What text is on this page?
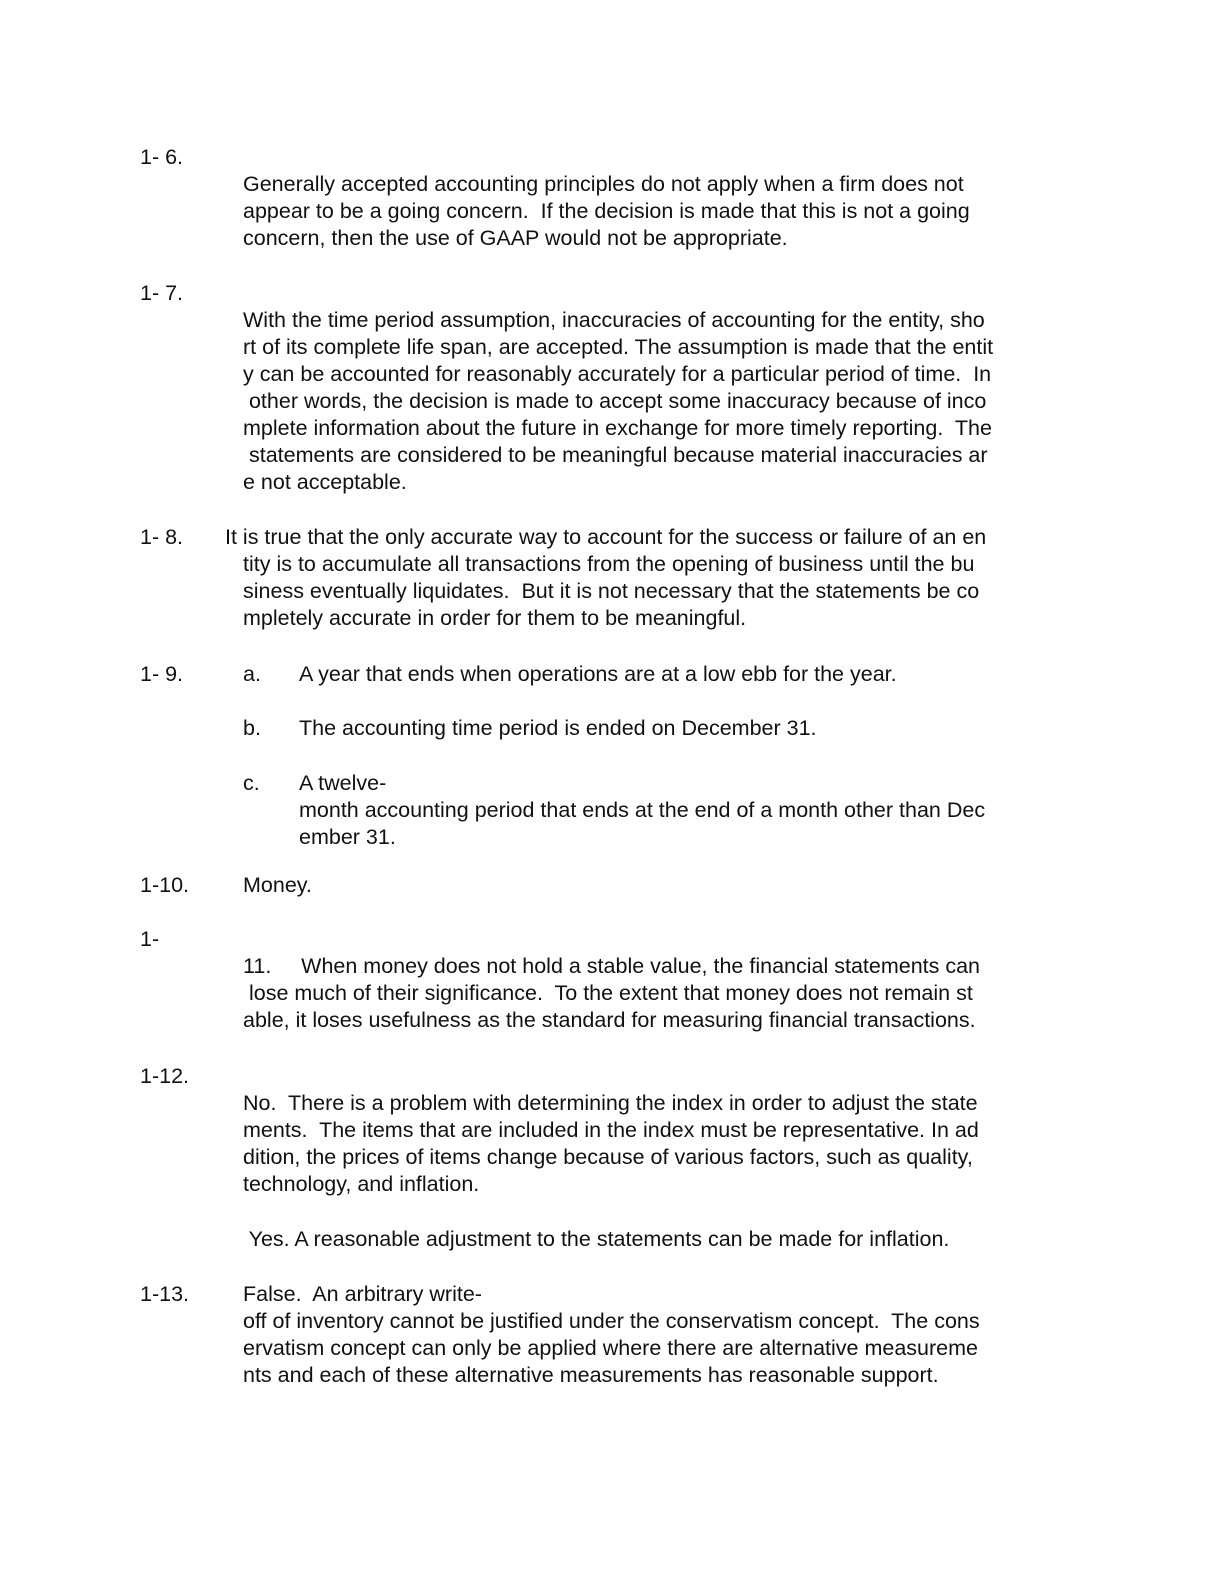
1- 6.
Generally accepted accounting principles do not apply when a firm does not
appear to be a going concern.  If the decision is made that this is not a going
concern, then the use of GAAP would not be appropriate.
1- 7.
With the time period assumption, inaccuracies of accounting for the entity, sho
rt of its complete life span, are accepted. The assumption is made that the entit
y can be accounted for reasonably accurately for a particular period of time.  In
other words, the decision is made to accept some inaccuracy because of inco
mplete information about the future in exchange for more timely reporting.  The
statements are considered to be meaningful because material inaccuracies ar
e not acceptable.
1- 8. It is true that the only accurate way to account for the success or failure of an en
tity is to accumulate all transactions from the opening of business until the bu
siness eventually liquidates.  But it is not necessary that the statements be co
mpletely accurate in order for them to be meaningful.
1- 9.	a. A year that ends when operations are at a low ebb for the year.
b. The accounting time period is ended on December 31.
c. A twelve-
month accounting period that ends at the end of a month other than Dec
ember 31.
1-10.	Money.
1-
11.     When money does not hold a stable value, the financial statements can
lose much of their significance.  To the extent that money does not remain st
able, it loses usefulness as the standard for measuring financial transactions.
1-12.
No.  There is a problem with determining the index in order to adjust the state
ments.  The items that are included in the index must be representative. In ad
dition, the prices of items change because of various factors, such as quality,
technology, and inflation.
Yes. A reasonable adjustment to the statements can be made for inflation.
1-13.	False.  An arbitrary write-
off of inventory cannot be justified under the conservatism concept.  The cons
ervatism concept can only be applied where there are alternative measureme
nts and each of these alternative measurements has reasonable support.
